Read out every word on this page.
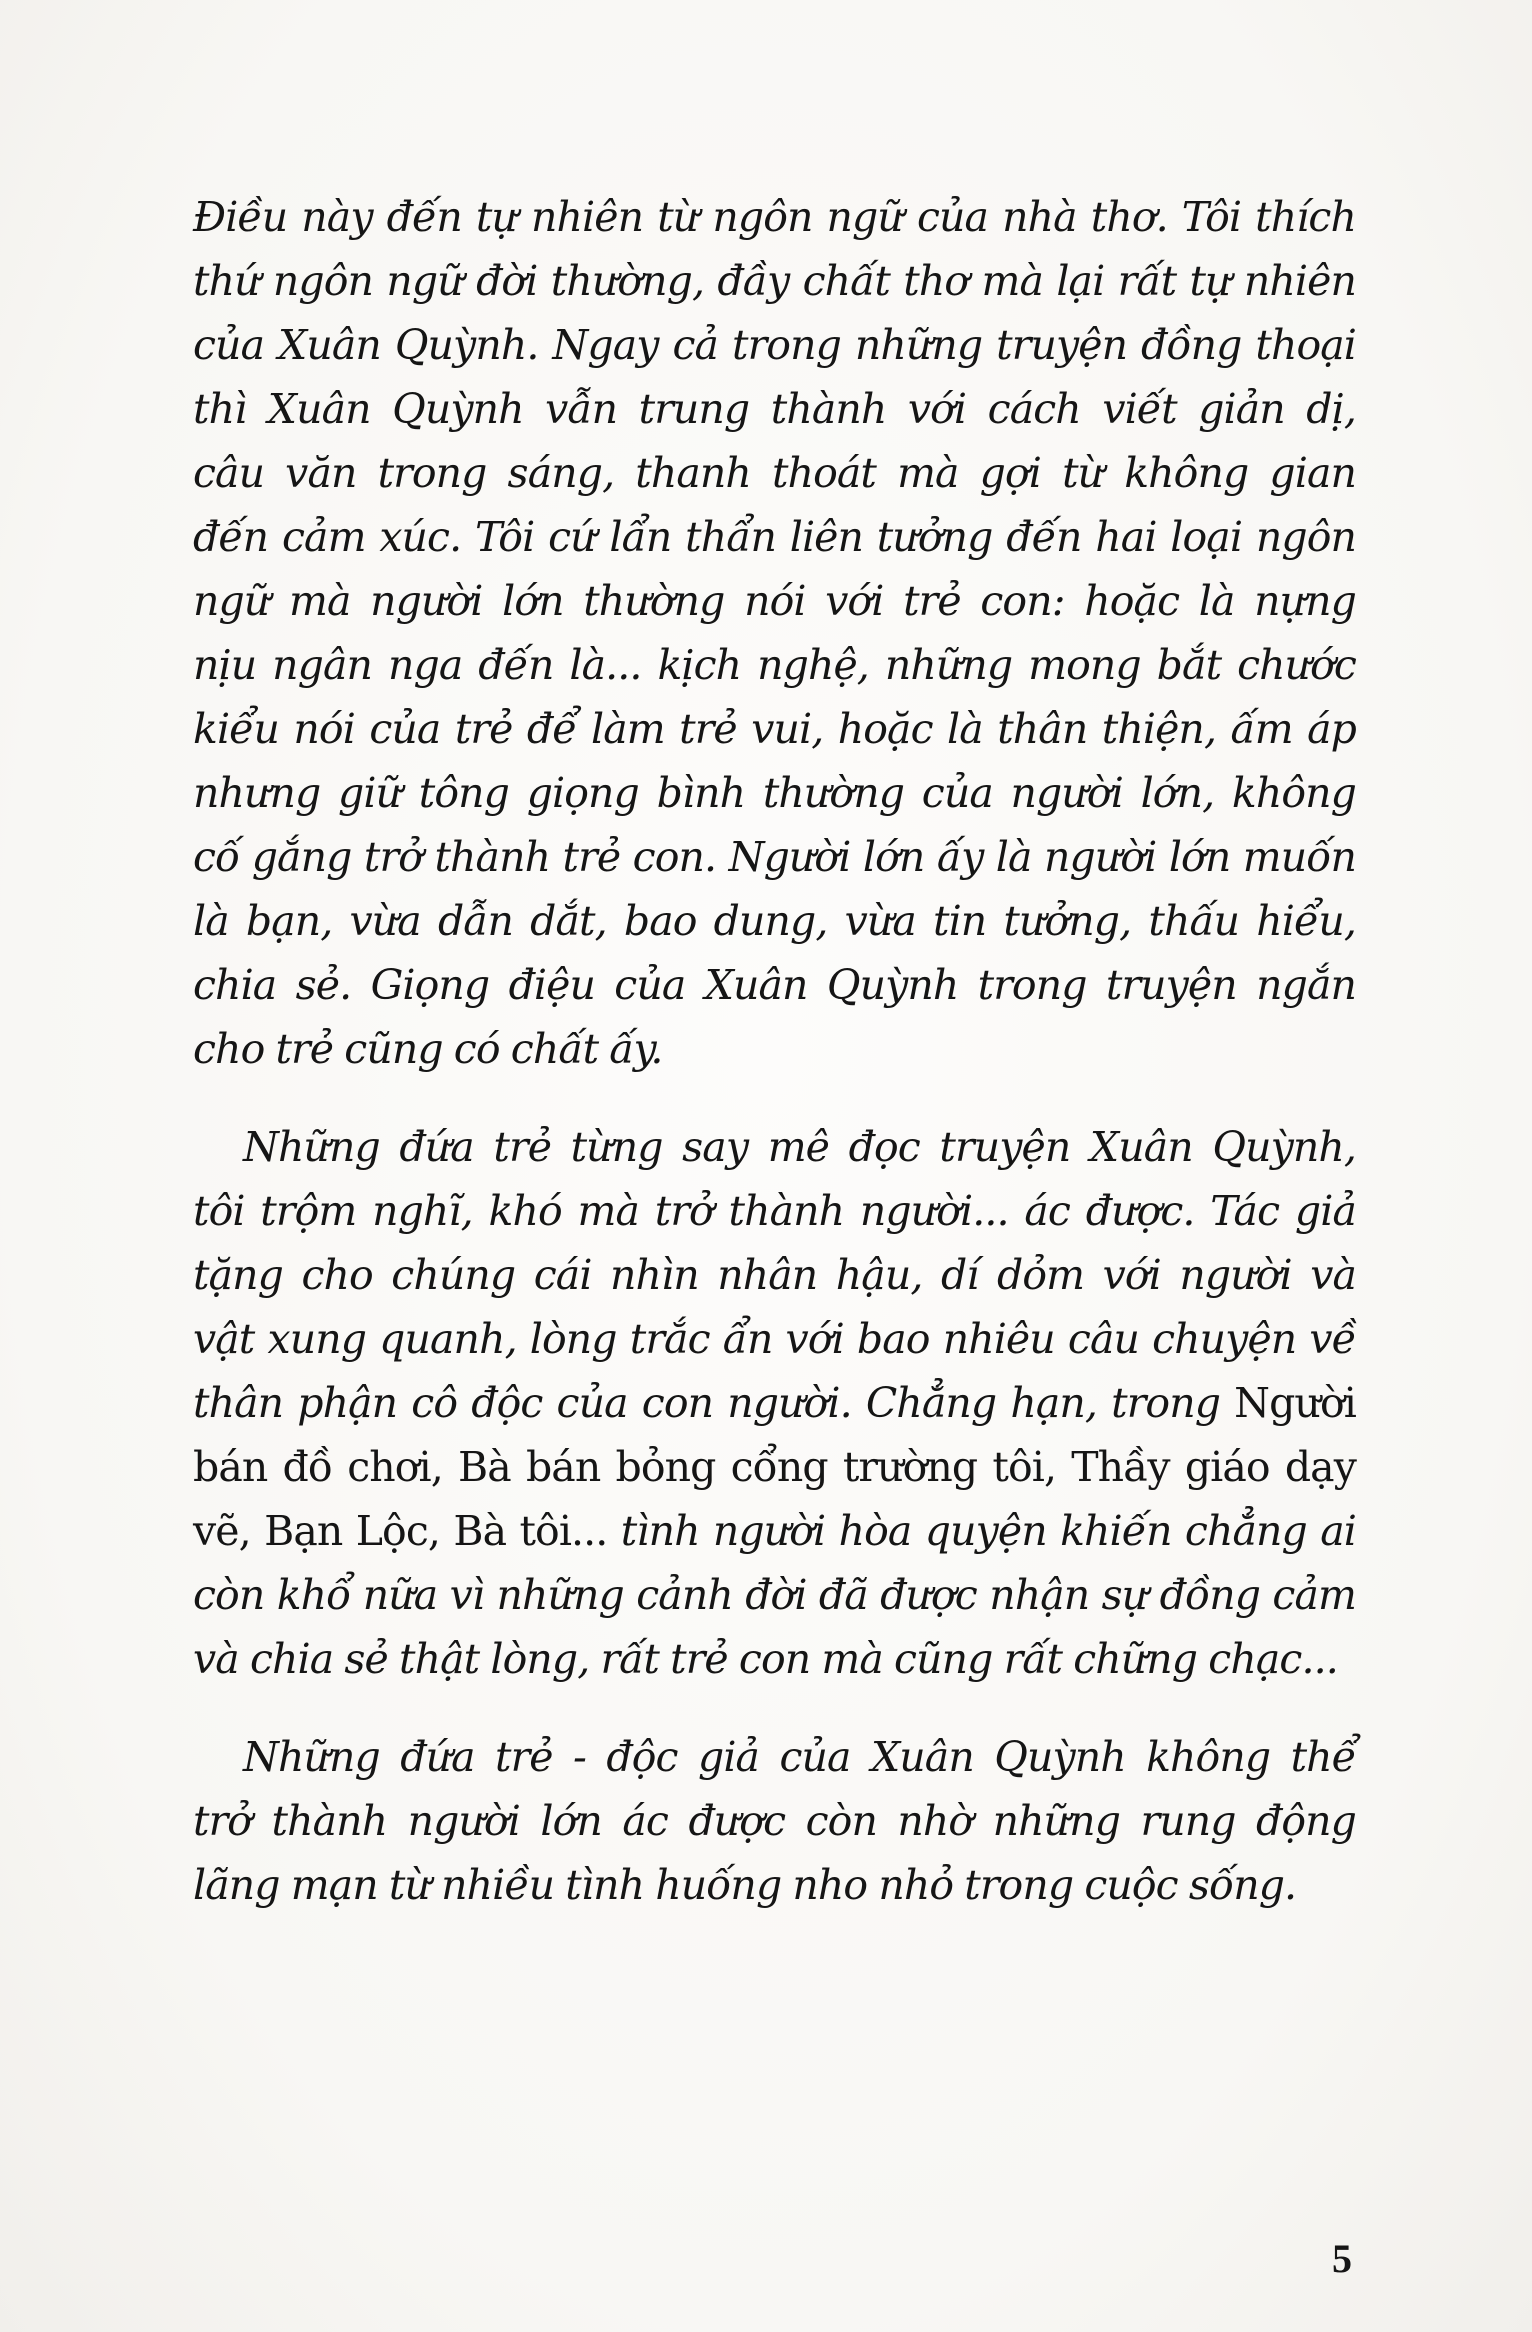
Điều này đến tự nhiên từ ngôn ngữ của nhà thơ. Tôi thích
thứ ngôn ngữ đời thường, đầy chất thơ mà lại rất tự nhiên
của Xuân Quỳnh. Ngay cả trong những truyện đồng thoại
thì Xuân Quỳnh vẫn trung thành với cách viết giản dị,
câu văn trong sáng, thanh thoát mà gợi từ không gian
đến cảm xúc. Tôi cứ lẩn thẩn liên tưởng đến hai loại ngôn
ngữ mà người lớn thường nói với trẻ con: hoặc là nựng
nịu ngân nga đến là... kịch nghệ, những mong bắt chước
kiểu nói của trẻ để làm trẻ vui, hoặc là thân thiện, ấm áp
nhưng giữ tông giọng bình thường của người lớn, không
cố gắng trở thành trẻ con. Người lớn ấy là người lớn muốn
là bạn, vừa dẫn dắt, bao dung, vừa tin tưởng, thấu hiểu,
chia sẻ. Giọng điệu của Xuân Quỳnh trong truyện ngắn
cho trẻ cũng có chất ấy.
Những đứa trẻ từng say mê đọc truyện Xuân Quỳnh,
tôi trộm nghĩ, khó mà trở thành người... ác được. Tác giả
tặng cho chúng cái nhìn nhân hậu, dí dỏm với người và
vật xung quanh, lòng trắc ẩn với bao nhiêu câu chuyện về
thân phận cô độc của con người. Chẳng hạn, trong Người
bán đồ chơi, Bà bán bỏng cổng trường tôi, Thầy giáo dạy
vẽ, Bạn Lộc, Bà tôi... tình người hòa quyện khiến chẳng ai
còn khổ nữa vì những cảnh đời đã được nhận sự đồng cảm
và chia sẻ thật lòng, rất trẻ con mà cũng rất chững chạc...
Những đứa trẻ - độc giả của Xuân Quỳnh không thể
trở thành người lớn ác được còn nhờ những rung động
lãng mạn từ nhiều tình huống nho nhỏ trong cuộc sống.
5
